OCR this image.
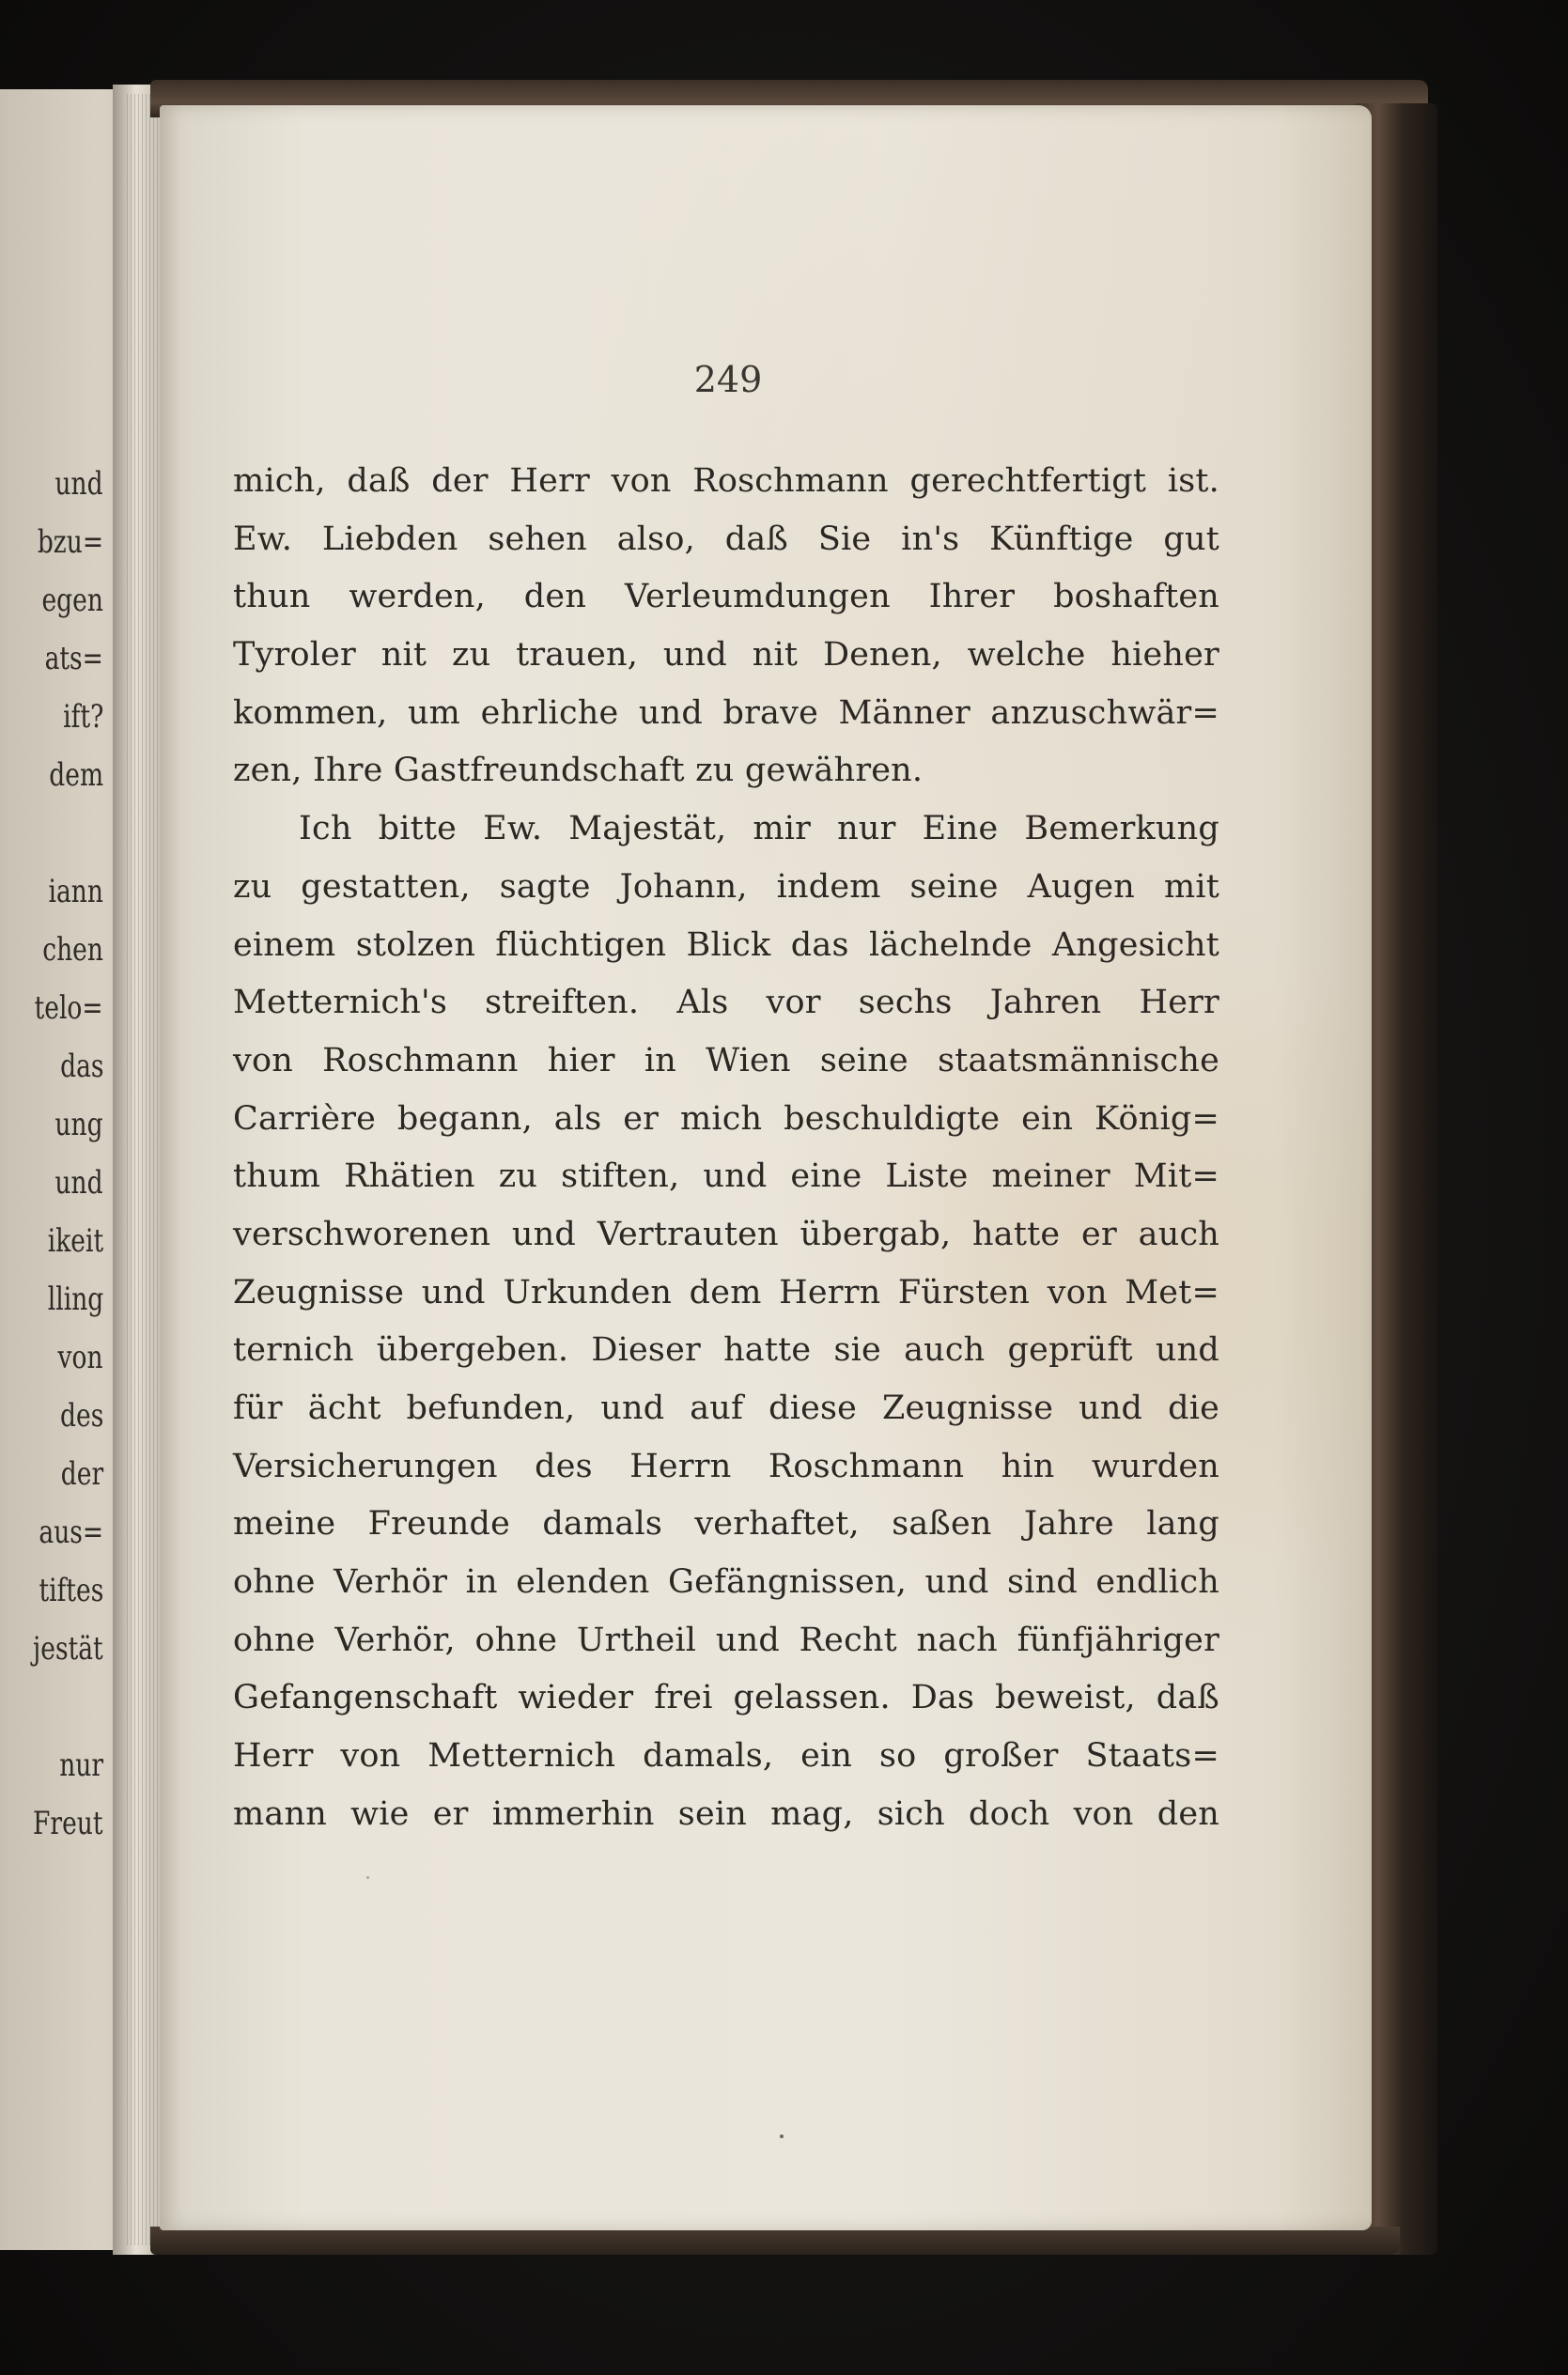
und
bzu=
egen
ats=
ift?
dem
iann
chen
telo=
das
ung
und
ikeit
lling
von
des
der
aus=
tiftes
jestät
nur
Freut
249
mich, daß der Herr von Roschmann gerechtfertigt ist.
Ew. Liebden sehen also, daß Sie in's Künftige gut
thun werden, den Verleumdungen Ihrer boshaften
Tyroler nit zu trauen, und nit Denen, welche hieher
kommen, um ehrliche und brave Männer anzuschwär=
zen, Ihre Gastfreundschaft zu gewähren.
Ich bitte Ew. Majestät, mir nur Eine Bemerkung
zu gestatten, sagte Johann, indem seine Augen mit
einem stolzen flüchtigen Blick das lächelnde Angesicht
Metternich's streiften. Als vor sechs Jahren Herr
von Roschmann hier in Wien seine staatsmännische
Carrière begann, als er mich beschuldigte ein König=
thum Rhätien zu stiften, und eine Liste meiner Mit=
verschworenen und Vertrauten übergab, hatte er auch
Zeugnisse und Urkunden dem Herrn Fürsten von Met=
ternich übergeben. Dieser hatte sie auch geprüft und
für ächt befunden, und auf diese Zeugnisse und die
Versicherungen des Herrn Roschmann hin wurden
meine Freunde damals verhaftet, saßen Jahre lang
ohne Verhör in elenden Gefängnissen, und sind endlich
ohne Verhör, ohne Urtheil und Recht nach fünfjähriger
Gefangenschaft wieder frei gelassen. Das beweist, daß
Herr von Metternich damals, ein so großer Staats=
mann wie er immerhin sein mag, sich doch von den
